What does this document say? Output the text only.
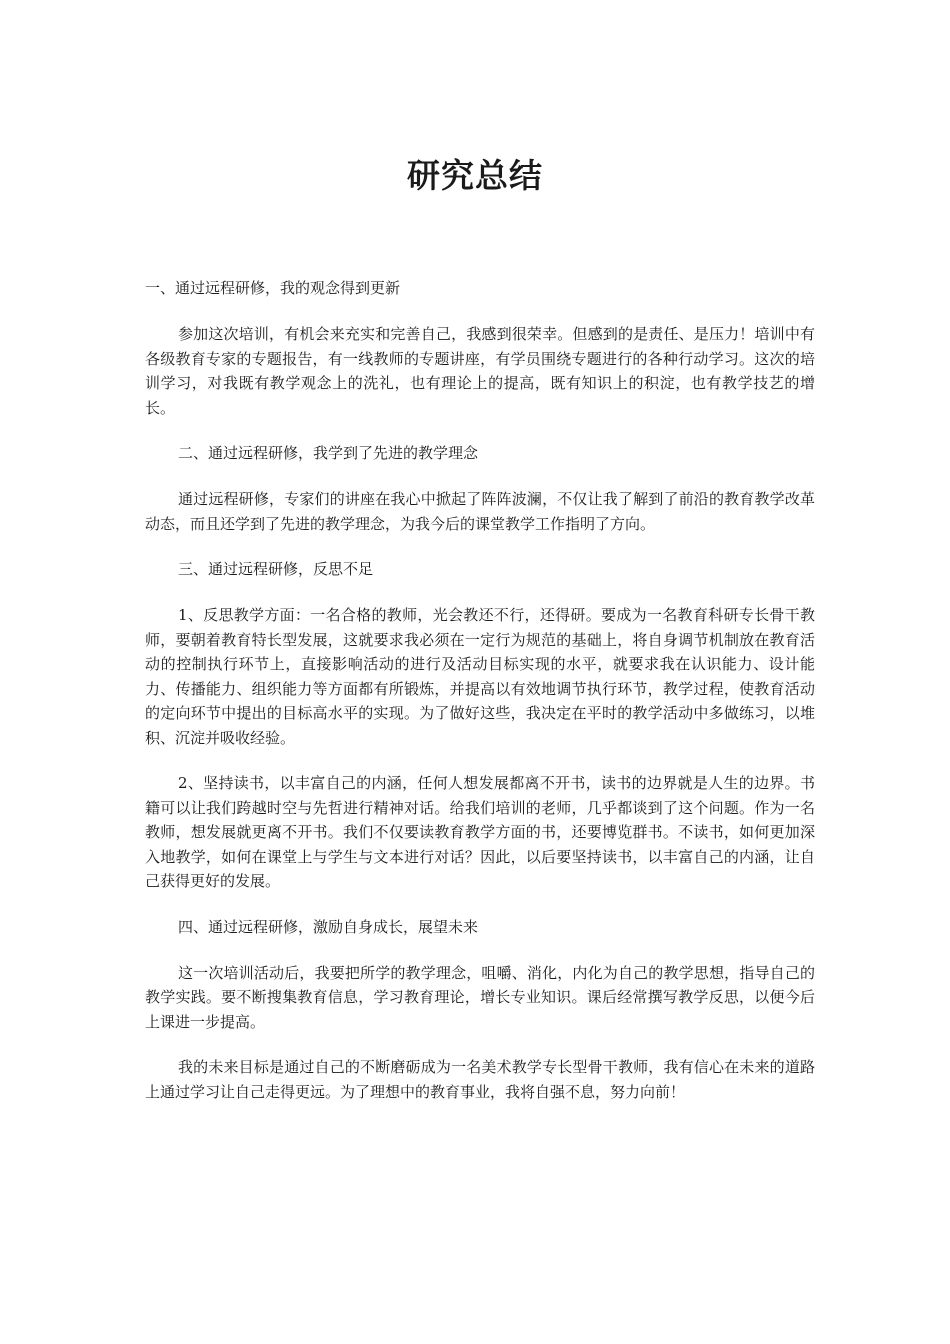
研究总结

一、通过远程研修，我的观念得到更新

参加这次培训，有机会来充实和完善自己，我感到很荣幸。但感到的是责任、是压力！培训中有各级教育专家的专题报告，有一线教师的专题讲座，有学员围绕专题进行的各种行动学习。这次的培训学习，对我既有教学观念上的洗礼，也有理论上的提高，既有知识上的积淀，也有教学技艺的增长。

二、通过远程研修，我学到了先进的教学理念

通过远程研修，专家们的讲座在我心中掀起了阵阵波澜，不仅让我了解到了前沿的教育教学改革动态，而且还学到了先进的教学理念，为我今后的课堂教学工作指明了方向。

三、通过远程研修，反思不足

1、反思教学方面：一名合格的教师，光会教还不行，还得研。要成为一名教育科研专长骨干教师，要朝着教育特长型发展，这就要求我必须在一定行为规范的基础上，将自身调节机制放在教育活动的控制执行环节上，直接影响活动的进行及活动目标实现的水平，就要求我在认识能力、设计能力、传播能力、组织能力等方面都有所锻炼，并提高以有效地调节执行环节，教学过程，使教育活动的定向环节中提出的目标高水平的实现。为了做好这些，我决定在平时的教学活动中多做练习，以堆积、沉淀并吸收经验。

2、坚持读书，以丰富自己的内涵，任何人想发展都离不开书，读书的边界就是人生的边界。书籍可以让我们跨越时空与先哲进行精神对话。给我们培训的老师，几乎都谈到了这个问题。作为一名教师，想发展就更离不开书。我们不仅要读教育教学方面的书，还要博览群书。不读书，如何更加深入地教学，如何在课堂上与学生与文本进行对话？因此，以后要坚持读书，以丰富自己的内涵，让自己获得更好的发展。

四、通过远程研修，激励自身成长，展望未来

这一次培训活动后，我要把所学的教学理念，咀嚼、消化，内化为自己的教学思想，指导自己的教学实践。要不断搜集教育信息，学习教育理论，增长专业知识。课后经常撰写教学反思，以便今后上课进一步提高。

我的未来目标是通过自己的不断磨砺成为一名美术教学专长型骨干教师，我有信心在未来的道路上通过学习让自己走得更远。为了理想中的教育事业，我将自强不息，努力向前！
